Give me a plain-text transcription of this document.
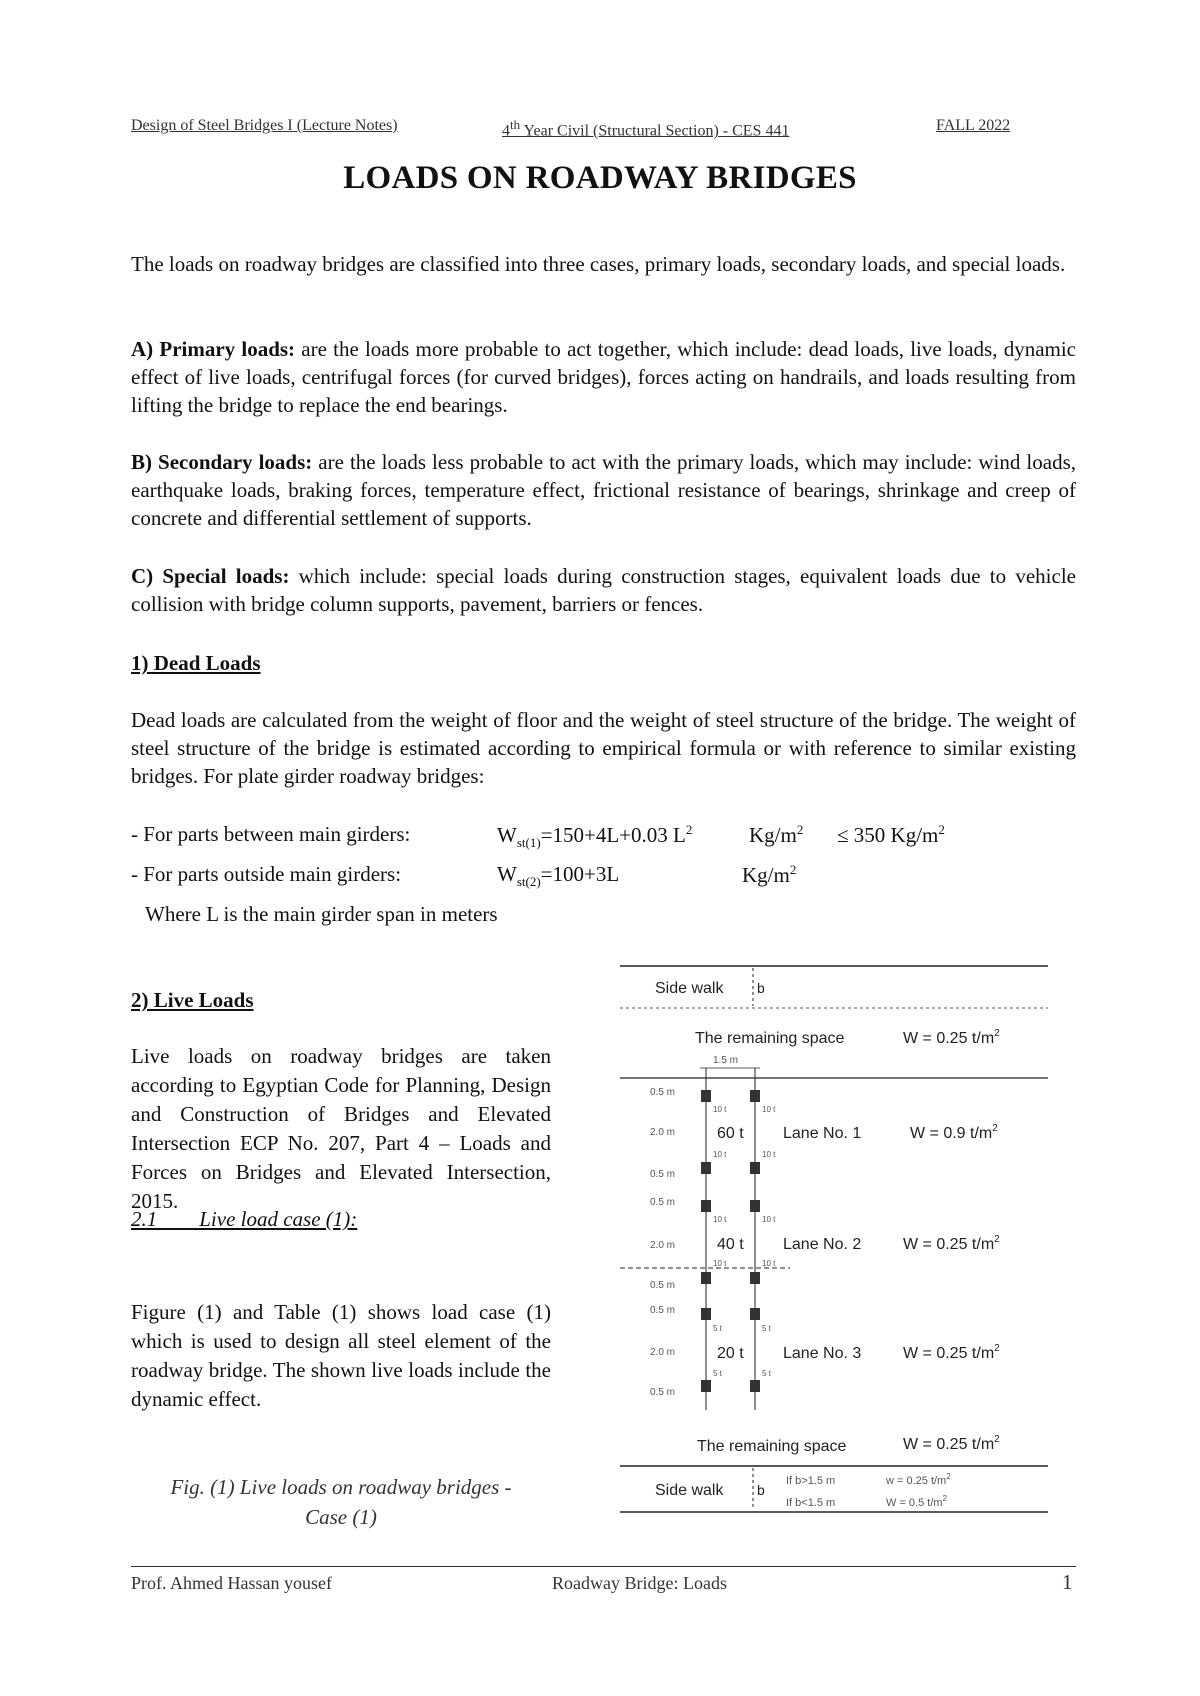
Design of Steel Bridges I (Lecture Notes)	4th Year Civil (Structural Section) - CES 441	FALL 2022
LOADS ON ROADWAY BRIDGES
The loads on roadway bridges are classified into three cases, primary loads, secondary loads, and special loads.
A) Primary loads: are the loads more probable to act together, which include: dead loads, live loads, dynamic effect of live loads, centrifugal forces (for curved bridges), forces acting on handrails, and loads resulting from lifting the bridge to replace the end bearings.
B) Secondary loads: are the loads less probable to act with the primary loads, which may include: wind loads, earthquake loads, braking forces, temperature effect, frictional resistance of bearings, shrinkage and creep of concrete and differential settlement of supports.
C) Special loads: which include: special loads during construction stages, equivalent loads due to vehicle collision with bridge column supports, pavement, barriers or fences.
1) Dead Loads
Dead loads are calculated from the weight of floor and the weight of steel structure of the bridge. The weight of steel structure of the bridge is estimated according to empirical formula or with reference to similar existing bridges. For plate girder roadway bridges:
- For parts between main girders:	$W_{st(1)}=150+4L+0.03$ $L^2$	$Kg/m^2 \le 350$ $Kg/m^2$
- For parts outside main girders:	$W_{st(2)}=100+3L$	$Kg/m^2$
Where L is the main girder span in meters
2) Live Loads
Live loads on roadway bridges are taken according to Egyptian Code for Planning, Design and Construction of Bridges and Elevated Intersection ECP No. 207, Part 4 – Loads and Forces on Bridges and Elevated Intersection, 2015.
2.1        Live load case (1):
Figure (1) and Table (1) shows load case (1) which is used to design all steel element of the roadway bridge. The shown live loads include the dynamic effect.
Fig. (1) Live loads on roadway bridges -
Case (1)
Side walk b
The remaining space	W = 0.25 $t/m^2$
1.5 m
0.5 m
2.0 m
0.5 m
60 t Lane No. 1	W = 0.9 $t/m^2$
10 t	10 t
10 t	10 t
0.5 m
2.0 m
0.5 m
40 t Lane No. 2	W = 0.25 $t/m^2$
10 t	10 t
10 t	10 t
0.5 m
2.0 m
0.5 m
20 t Lane No. 3	W = 0.25 $t/m^2$
5 t	5 t
5 t	5 t
The remaining space	W = 0.25 $t/m^2$
Side walk b
If b>1.5 m	w = 0.25 $t/m^2$
If b<1.5 m	W = 0.5 $t/m^2$
Prof. Ahmed Hassan yousef	Roadway Bridge: Loads	1
